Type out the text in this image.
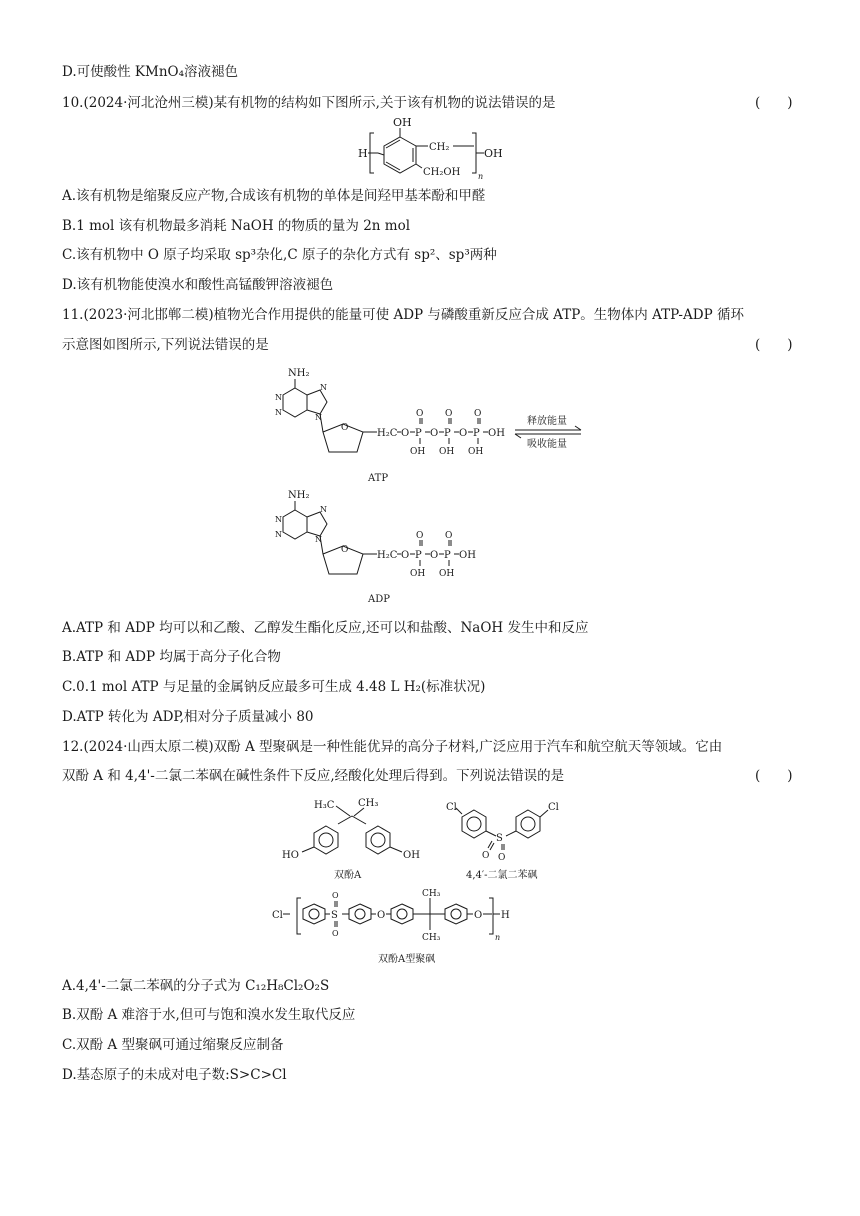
D.可使酸性 KMnO₄溶液褪色
10.(2024·河北沧州三模)某有机物的结构如下图所示,关于该有机物的说法错误的是	(　　)
H
OH
CH₂
CH₂OH n
OH
A.该有机物是缩聚反应产物,合成该有机物的单体是间羟甲基苯酚和甲醛
B.1 mol 该有机物最多消耗 NaOH 的物质的量为 2n mol
C.该有机物中 O 原子均采取 sp³杂化,C 原子的杂化方式有 sp²、sp³两种
D.该有机物能使溴水和酸性高锰酸钾溶液褪色
11.(2023·河北邯郸二模)植物光合作用提供的能量可使 ADP 与磷酸重新反应合成 ATP。生物体内 ATP-ADP 循环
示意图如图所示,下列说法错误的是	(　　)
NH₂
N
N
N
N
O	H₂C O P
O
OH
O P
O
OH
O P
O
OH
OH
ATP
释放能量
吸收能量
NH₂
N
N
N
N
O	H₂C O P
O
OH
O P
O
OH
OH
ADP
A.ATP 和 ADP 均可以和乙酸、乙醇发生酯化反应,还可以和盐酸、NaOH 发生中和反应
B.ATP 和 ADP 均属于高分子化合物
C.0.1 mol ATP 与足量的金属钠反应最多可生成 4.48 L H₂(标准状况)
D.ATP 转化为 ADP,相对分子质量减小 80
12.(2024·山西太原二模)双酚 A 型聚砜是一种性能优异的高分子材料,广泛应用于汽车和航空航天等领域。它由
双酚 A 和 4,4'-二氯二苯砜在碱性条件下反应,经酸化处理后得到。下列说法错误的是	(　　)
H₃C CH₃
HO	OH
双酚A
Cl
S
O
O
Cl
4,4′-二氯二苯砜
Cl	S
O
O
O
CH₃
CH₃
O
n
H
双酚A型聚砜
A.4,4'-二氯二苯砜的分子式为 C₁₂H₈Cl₂O₂S
B.双酚 A 难溶于水,但可与饱和溴水发生取代反应
C.双酚 A 型聚砜可通过缩聚反应制备
D.基态原子的未成对电子数:S>C>Cl
